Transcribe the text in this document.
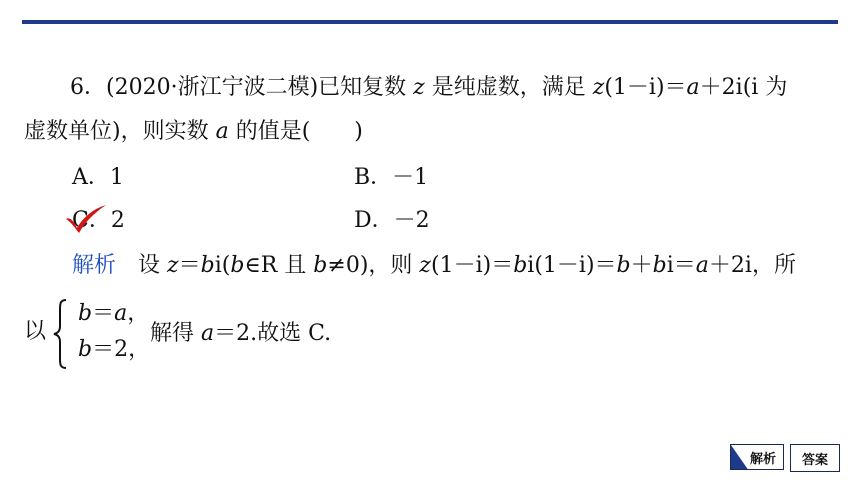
6．(2020·浙江宁波二模)已知复数 z 是纯虚数，满足 z(1－i)＝a＋2i(i 为
虚数单位)，则实数 a 的值是(　　)
A．1	B．－1
C．2	D．－2
解析　 设 z＝bi(b∈R 且 b≠0)，则 z(1－i)＝bi(1－i)＝b＋bi＝a＋2i，所
以
b＝a，
b＝2，
解得 a＝2.故选 C.
解析 答案
